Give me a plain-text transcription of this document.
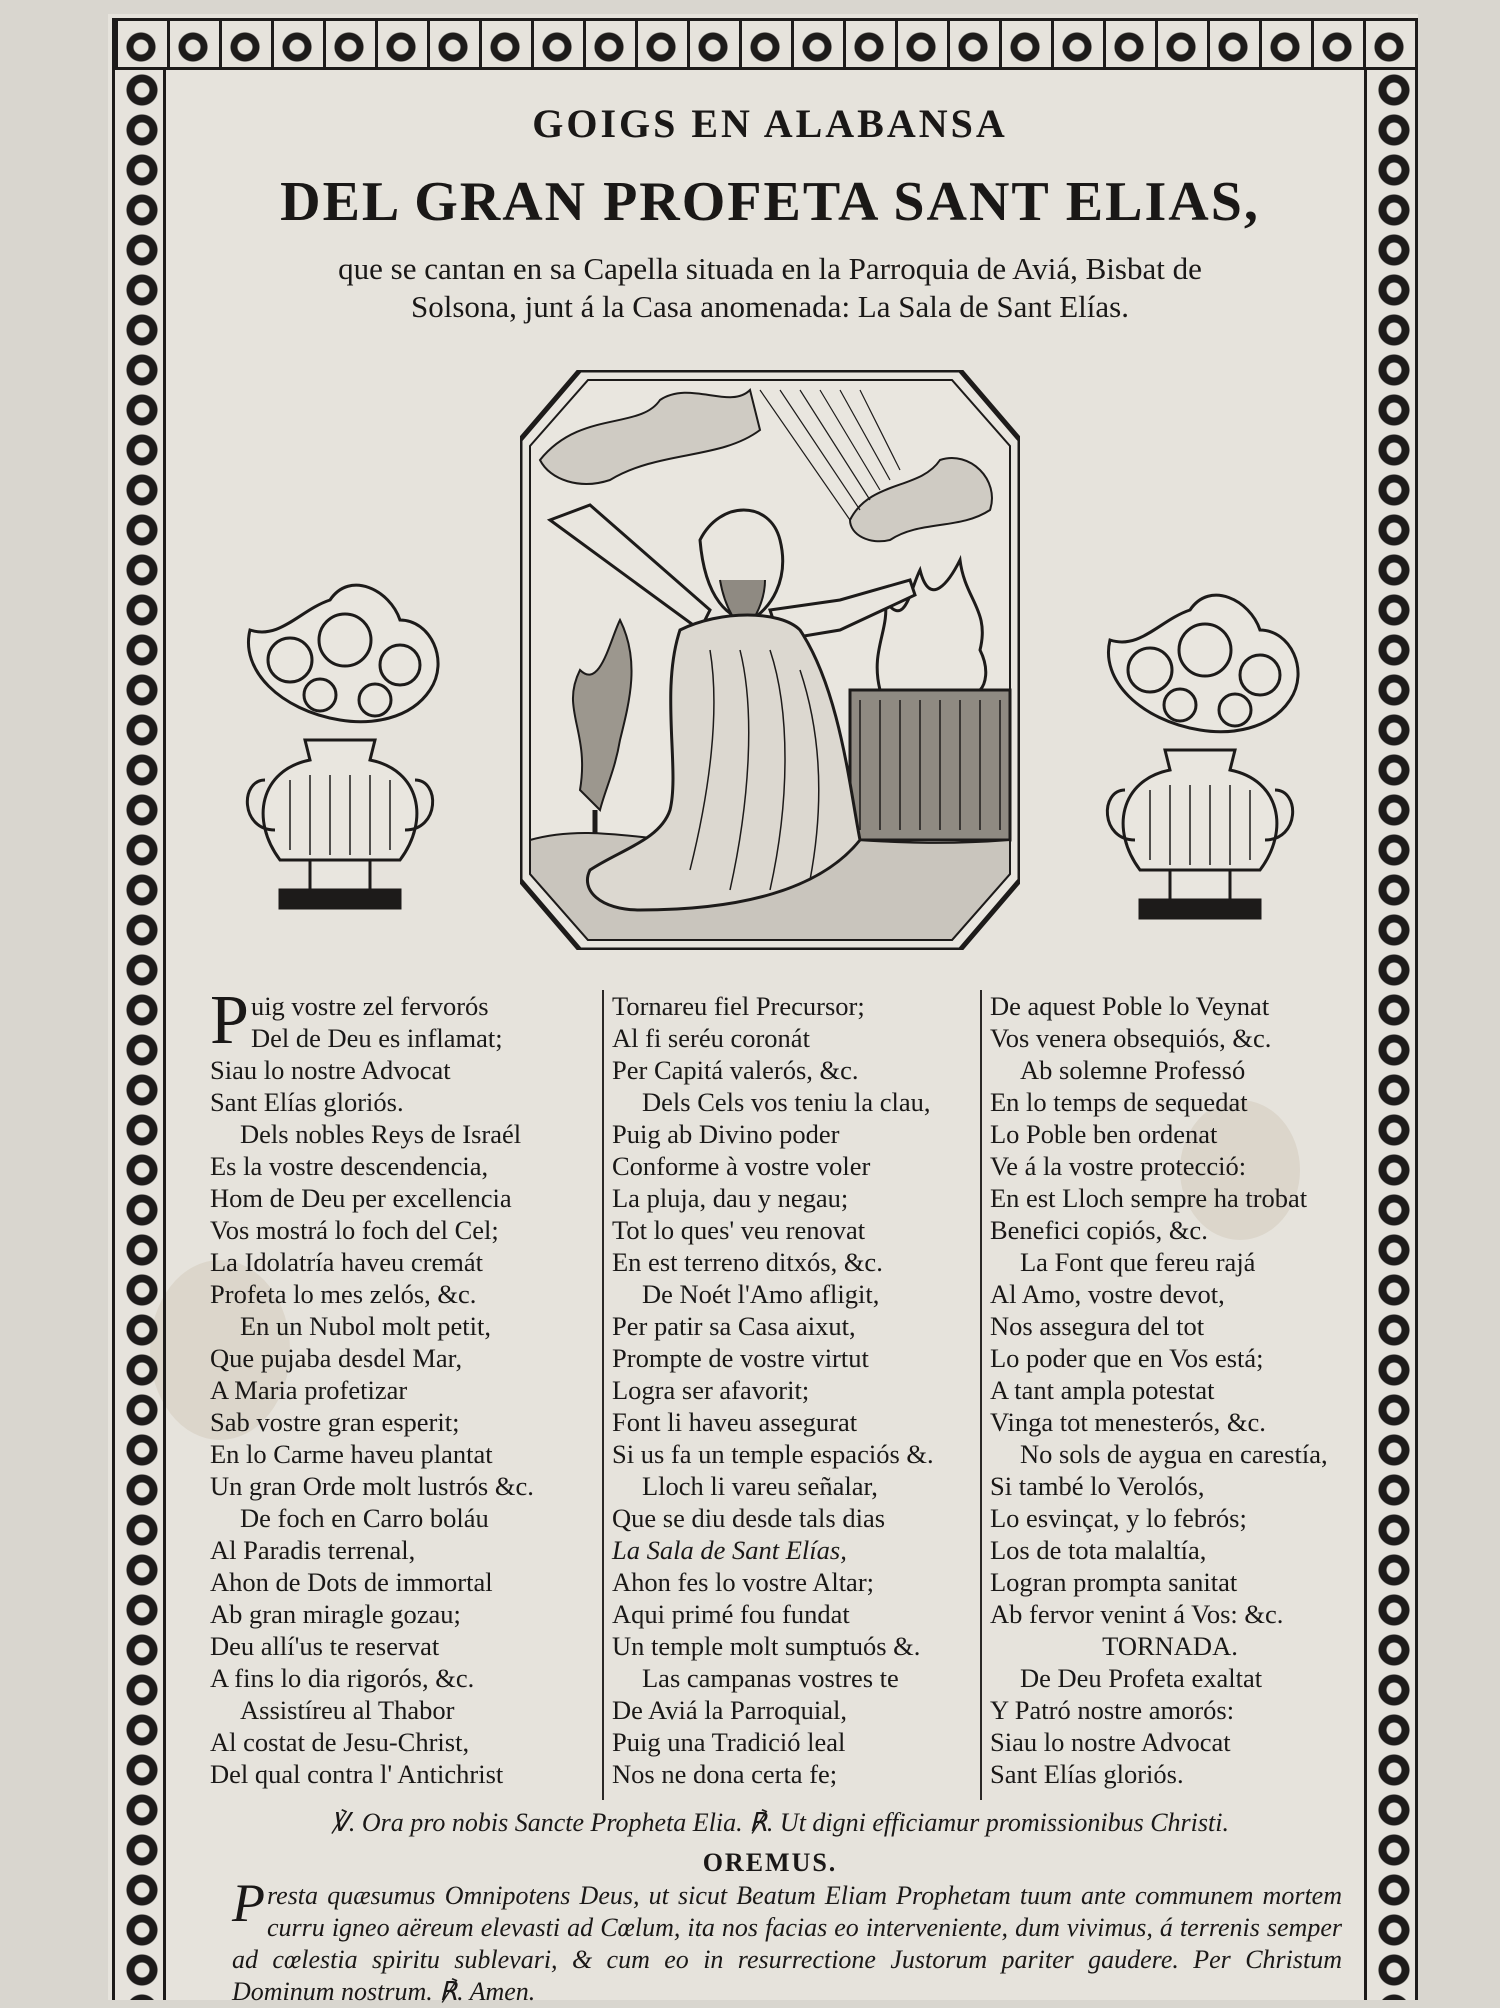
GOIGS EN ALABANSA
DEL GRAN PROFETA SANT ELIAS,
que se cantan en sa Capella situada en la Parroquia de Aviá, Bisbat de
Solsona, junt á la Casa anomenada: La Sala de Sant Elías.
Puig vostre zel fervorós
Del de Deu es inflamat;
Siau lo nostre Advocat
Sant Elías gloriós.
Dels nobles Reys de Israél
Es la vostre descendencia,
Hom de Deu per excellencia
Vos mostrá lo foch del Cel;
La Idolatría haveu cremát
Profeta lo mes zelós, &c.
En un Nubol molt petit,
Que pujaba desdel Mar,
A Maria profetizar
Sab vostre gran esperit;
En lo Carme haveu plantat
Un gran Orde molt lustrós &c.
De foch en Carro boláu
Al Paradis terrenal,
Ahon de Dots de immortal
Ab gran miragle gozau;
Deu allí'us te reservat
A fins lo dia rigorós, &c.
Assistíreu al Thabor
Al costat de Jesu-Christ,
Del qual contra l' Antichrist
Tornareu fiel Precursor;
Al fi seréu coronát
Per Capitá valerós, &c.
Dels Cels vos teniu la clau,
Puig ab Divino poder
Conforme à vostre voler
La pluja, dau y negau;
Tot lo ques' veu renovat
En est terreno ditxós, &c.
De Noét l'Amo afligit,
Per patir sa Casa aixut,
Prompte de vostre virtut
Logra ser afavorit;
Font li haveu assegurat
Si us fa un temple espaciós &.
Lloch li vareu señalar,
Que se diu desde tals dias
La Sala de Sant Elías,
Ahon fes lo vostre Altar;
Aqui primé fou fundat
Un temple molt sumptuós &.
Las campanas vostres te
De Aviá la Parroquial,
Puig una Tradició leal
Nos ne dona certa fe;
De aquest Poble lo Veynat
Vos venera obsequiós, &c.
Ab solemne Professó
En lo temps de sequedat
Lo Poble ben ordenat
Ve á la vostre protecció:
En est Lloch sempre ha trobat
Benefici copiós, &c.
La Font que fereu rajá
Al Amo, vostre devot,
Nos assegura del tot
Lo poder que en Vos está;
A tant ampla potestat
Vinga tot menesterós, &c.
No sols de aygua en carestía,
Si també lo Verolós,
Lo esvinçat, y lo febrós;
Los de tota malaltía,
Logran prompta sanitat
Ab fervor venint á Vos: &c.
TORNADA.
De Deu Profeta exaltat
Y Patró nostre amorós:
Siau lo nostre Advocat
Sant Elías gloriós.
℣. Ora pro nobis Sancte Propheta Elia. ℟. Ut digni efficiamur promissionibus Christi.
OREMUS.
Presta quæsumus Omnipotens Deus, ut sicut Beatum Eliam Prophetam tuum ante communem mortem curru igneo aëreum elevasti ad Cœlum, ita nos facias eo interveniente, dum vivimus, á terrenis semper ad cœlestia spiritu sublevari, & cum eo in resurrectione Justorum pariter gaudere. Per Christum Dominum nostrum. ℟. Amen.
